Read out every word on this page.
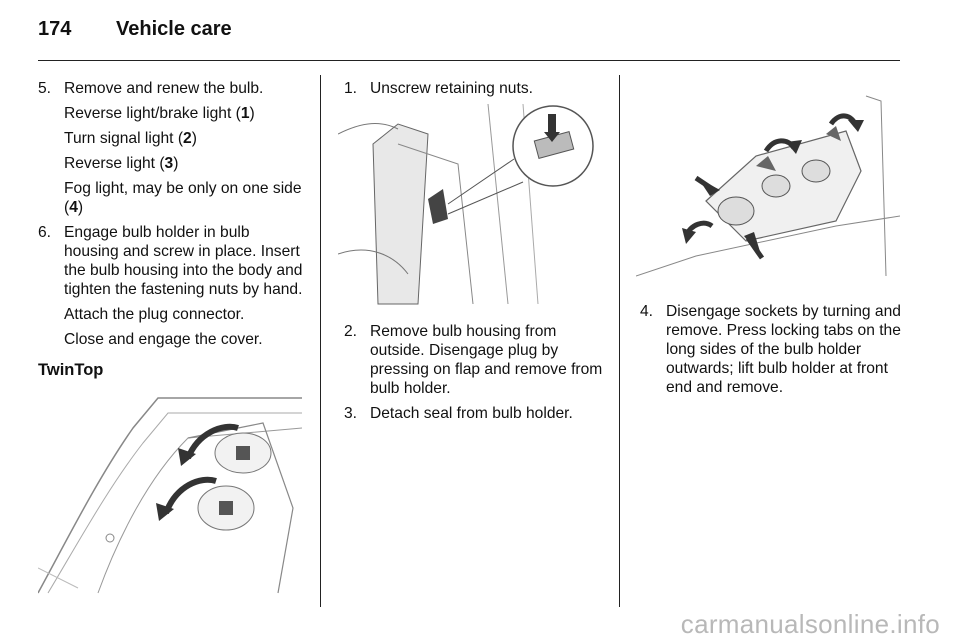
174	Vehicle care
5. Remove and renew the bulb.

Reverse light/brake light (1)

Turn signal light (2)

Reverse light (3)

Fog light, may be only on one side (4)

6. Engage bulb holder in bulb housing and screw in place. Insert the bulb housing into the body and tighten the fastening nuts by hand.

Attach the plug connector.

Close and engage the cover.

TwinTop
1. Unscrew retaining nuts.

2. Remove bulb housing from outside. Disengage plug by pressing on flap and remove from bulb holder.

3. Detach seal from bulb holder.

4. Disengage sockets by turning and remove. Press locking tabs on the long sides of the bulb holder outwards; lift bulb holder at front end and remove.

carmanualsonline.info
